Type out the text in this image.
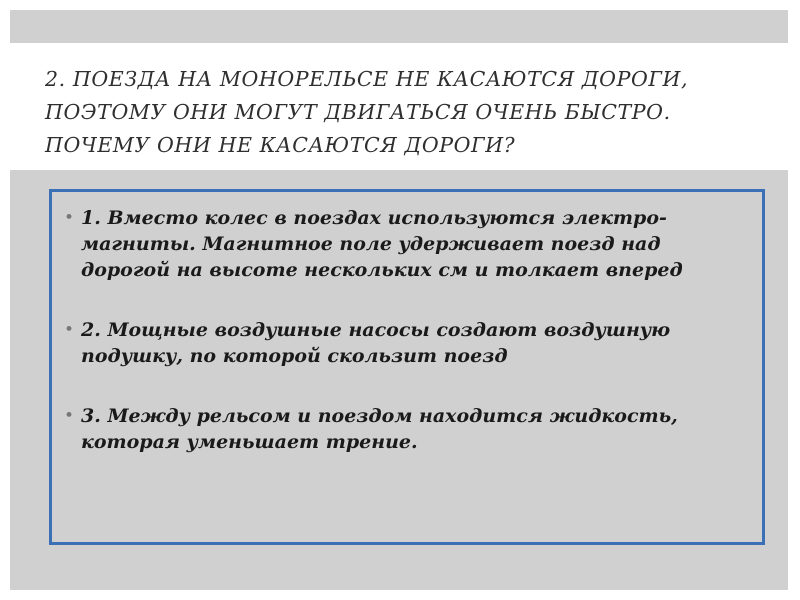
2. ПОЕЗДА НА МОНОРЕЛЬСЕ НЕ КАСАЮТСЯ ДОРОГИ, ПОЭТОМУ ОНИ МОГУТ ДВИГАТЬСЯ ОЧЕНЬ БЫСТРО. ПОЧЕМУ ОНИ НЕ КАСАЮТСЯ ДОРОГИ?
• 1. Вместо колес в поездах используются электро-магниты. Магнитное поле удерживает поезд над дорогой на высоте нескольких см и толкает вперед
• 2. Мощные воздушные насосы создают воздушную подушку, по которой скользит поезд
• 3. Между рельсом и поездом находится жидкость, которая уменьшает трение.
